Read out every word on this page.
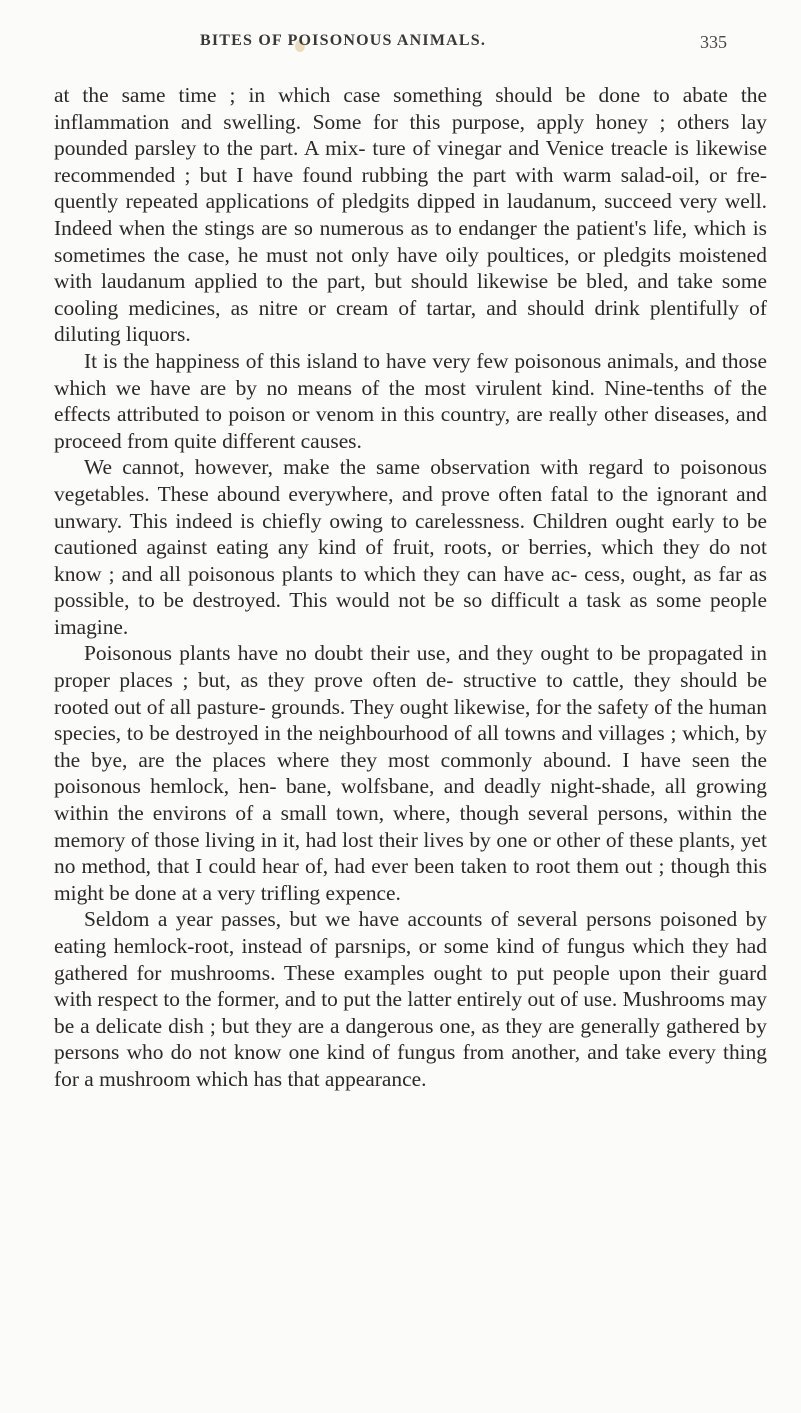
BITES OF POISONOUS ANIMALS.	335

at the same time ; in which case something should be done to abate the inflammation and swelling. Some for this purpose, apply honey ; others lay pounded parsley to the part. A mix- ture of vinegar and Venice treacle is likewise recommended ; but I have found rubbing the part with warm salad-oil, or fre- quently repeated applications of pledgits dipped in laudanum, succeed very well. Indeed when the stings are so numerous as to endanger the patient's life, which is sometimes the case, he must not only have oily poultices, or pledgits moistened with laudanum applied to the part, but should likewise be bled, and take some cooling medicines, as nitre or cream of tartar, and should drink plentifully of diluting liquors.

It is the happiness of this island to have very few poisonous animals, and those which we have are by no means of the most virulent kind. Nine-tenths of the effects attributed to poison or venom in this country, are really other diseases, and proceed from quite different causes.

We cannot, however, make the same observation with regard to poisonous vegetables. These abound everywhere, and prove often fatal to the ignorant and unwary. This indeed is chiefly owing to carelessness. Children ought early to be cautioned against eating any kind of fruit, roots, or berries, which they do not know ; and all poisonous plants to which they can have ac- cess, ought, as far as possible, to be destroyed. This would not be so difficult a task as some people imagine.

Poisonous plants have no doubt their use, and they ought to be propagated in proper places ; but, as they prove often de- structive to cattle, they should be rooted out of all pasture- grounds. They ought likewise, for the safety of the human species, to be destroyed in the neighbourhood of all towns and villages ; which, by the bye, are the places where they most commonly abound. I have seen the poisonous hemlock, hen- bane, wolfsbane, and deadly night-shade, all growing within the environs of a small town, where, though several persons, within the memory of those living in it, had lost their lives by one or other of these plants, yet no method, that I could hear of, had ever been taken to root them out ; though this might be done at a very trifling expence.

Seldom a year passes, but we have accounts of several persons poisoned by eating hemlock-root, instead of parsnips, or some kind of fungus which they had gathered for mushrooms. These examples ought to put people upon their guard with respect to the former, and to put the latter entirely out of use. Mushrooms may be a delicate dish ; but they are a dangerous one, as they are generally gathered by persons who do not know one kind of fungus from another, and take every thing for a mushroom which has that appearance.
